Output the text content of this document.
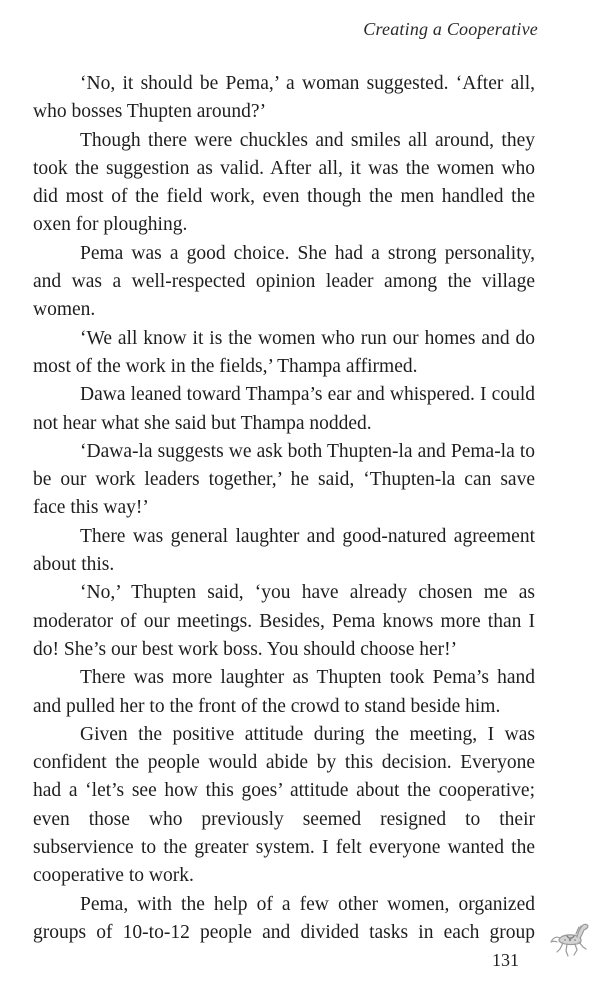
Creating a Cooperative

‘No, it should be Pema,’ a woman suggested. ‘After all, who bosses Thupten around?’

Though there were chuckles and smiles all around, they took the suggestion as valid. After all, it was the women who did most of the field work, even though the men handled the oxen for ploughing.

Pema was a good choice. She had a strong personality, and was a well-respected opinion leader among the village women.

‘We all know it is the women who run our homes and do most of the work in the fields,’ Thampa affirmed.

Dawa leaned toward Thampa’s ear and whispered. I could not hear what she said but Thampa nodded.

‘Dawa-la suggests we ask both Thupten-la and Pema-la to be our work leaders together,’ he said, ‘Thupten-la can save face this way!’

There was general laughter and good-natured agreement about this.

‘No,’ Thupten said, ‘you have already chosen me as moderator of our meetings. Besides, Pema knows more than I do! She’s our best work boss. You should choose her!’

There was more laughter as Thupten took Pema’s hand and pulled her to the front of the crowd to stand beside him.

Given the positive attitude during the meeting, I was confident the people would abide by this decision. Everyone had a ‘let’s see how this goes’ attitude about the cooperative; even those who previously seemed resigned to their subservience to the greater system. I felt everyone wanted the cooperative to work.

Pema, with the help of a few other women, organized groups of 10-to-12 people and divided tasks in each group

131
